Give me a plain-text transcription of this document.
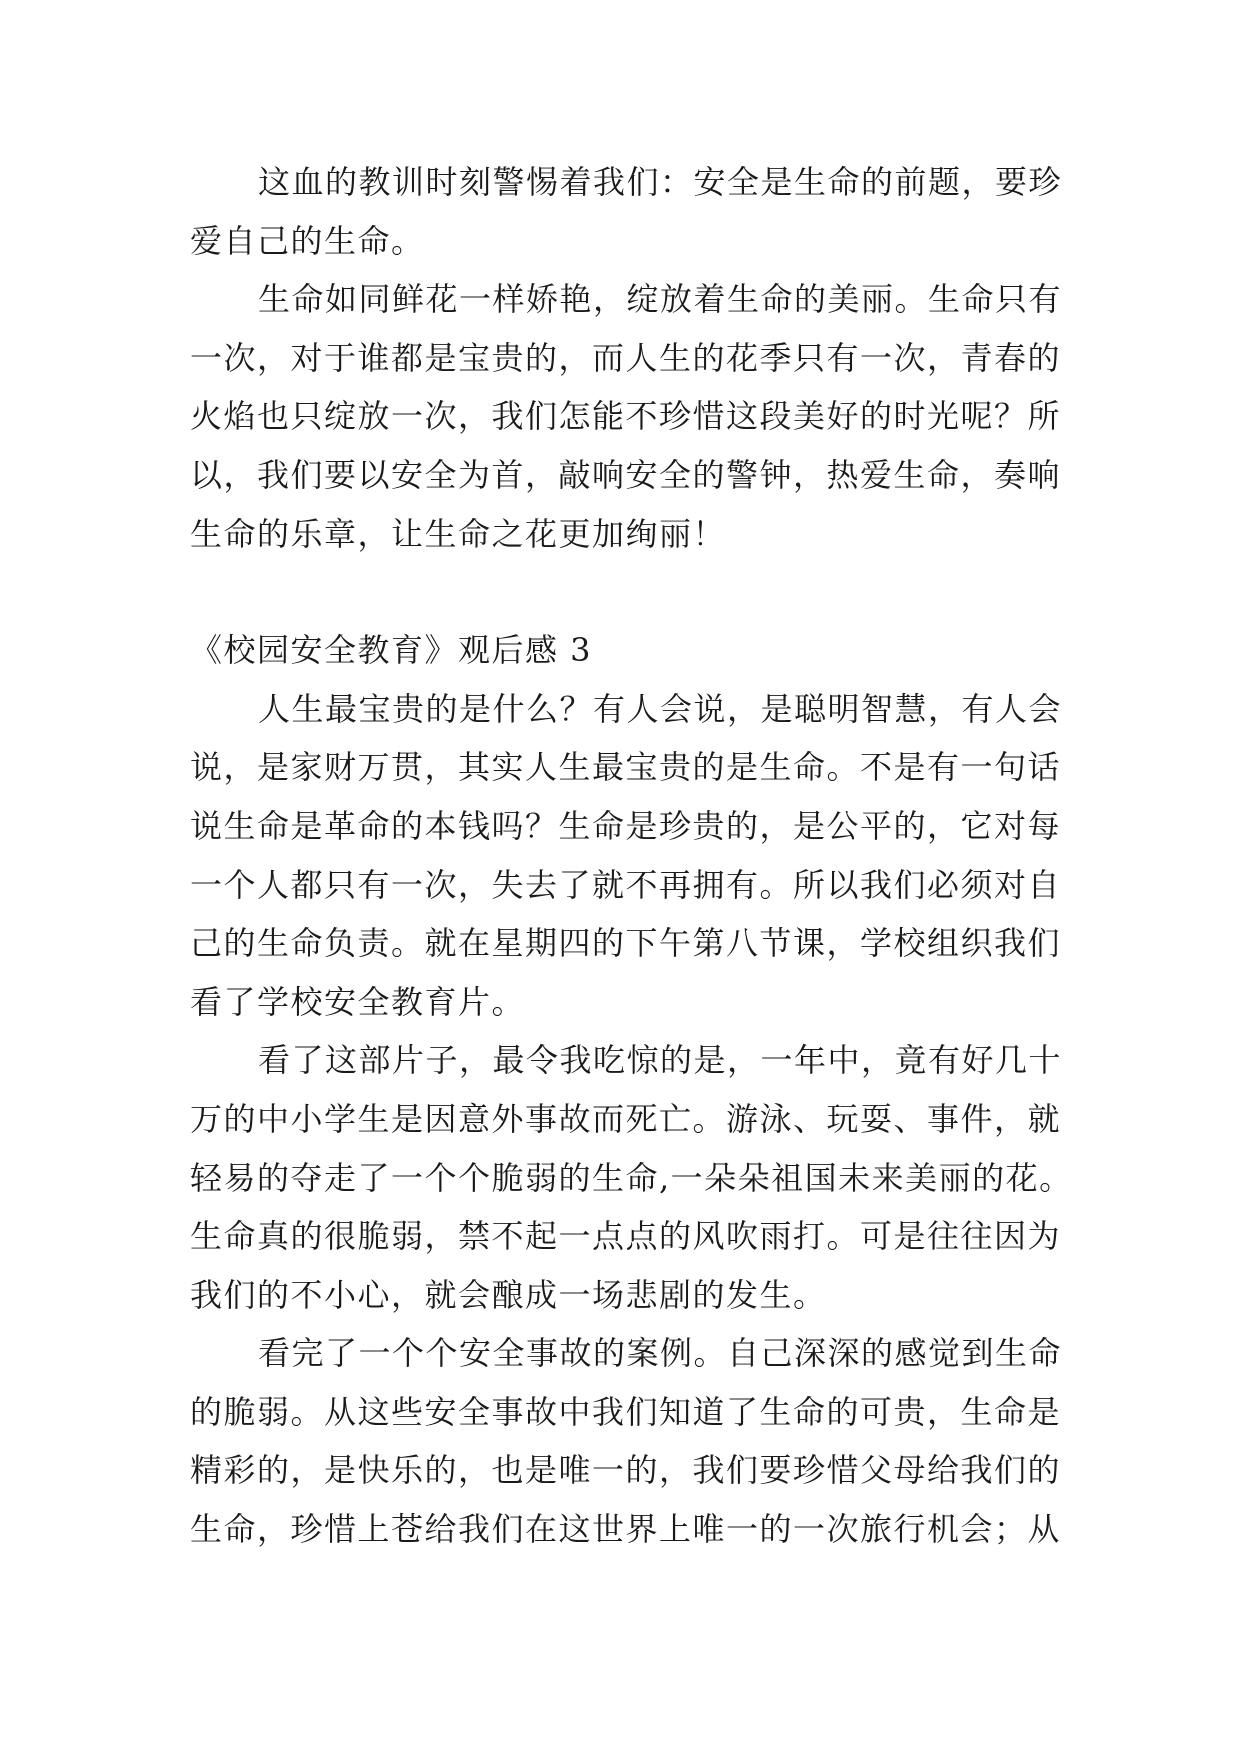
这血的教训时刻警惕着我们：安全是生命的前题，要珍
爱自己的生命。
生命如同鲜花一样娇艳，绽放着生命的美丽。生命只有
一次，对于谁都是宝贵的，而人生的花季只有一次，青春的
火焰也只绽放一次，我们怎能不珍惜这段美好的时光呢？所
以，我们要以安全为首，敲响安全的警钟，热爱生命，奏响
生命的乐章，让生命之花更加绚丽！
《校园安全教育》观后感 3
人生最宝贵的是什么？有人会说，是聪明智慧，有人会
说，是家财万贯，其实人生最宝贵的是生命。不是有一句话
说生命是革命的本钱吗？生命是珍贵的，是公平的，它对每
一个人都只有一次，失去了就不再拥有。所以我们必须对自
己的生命负责。就在星期四的下午第八节课，学校组织我们
看了学校安全教育片。
看了这部片子，最令我吃惊的是，一年中，竟有好几十
万的中小学生是因意外事故而死亡。游泳、玩耍、事件，就
轻易的夺走了一个个脆弱的生命,一朵朵祖国未来美丽的花。
生命真的很脆弱，禁不起一点点的风吹雨打。可是往往因为
我们的不小心，就会酿成一场悲剧的发生。
看完了一个个安全事故的案例。自己深深的感觉到生命
的脆弱。从这些安全事故中我们知道了生命的可贵，生命是
精彩的，是快乐的，也是唯一的，我们要珍惜父母给我们的
生命，珍惜上苍给我们在这世界上唯一的一次旅行机会；从
